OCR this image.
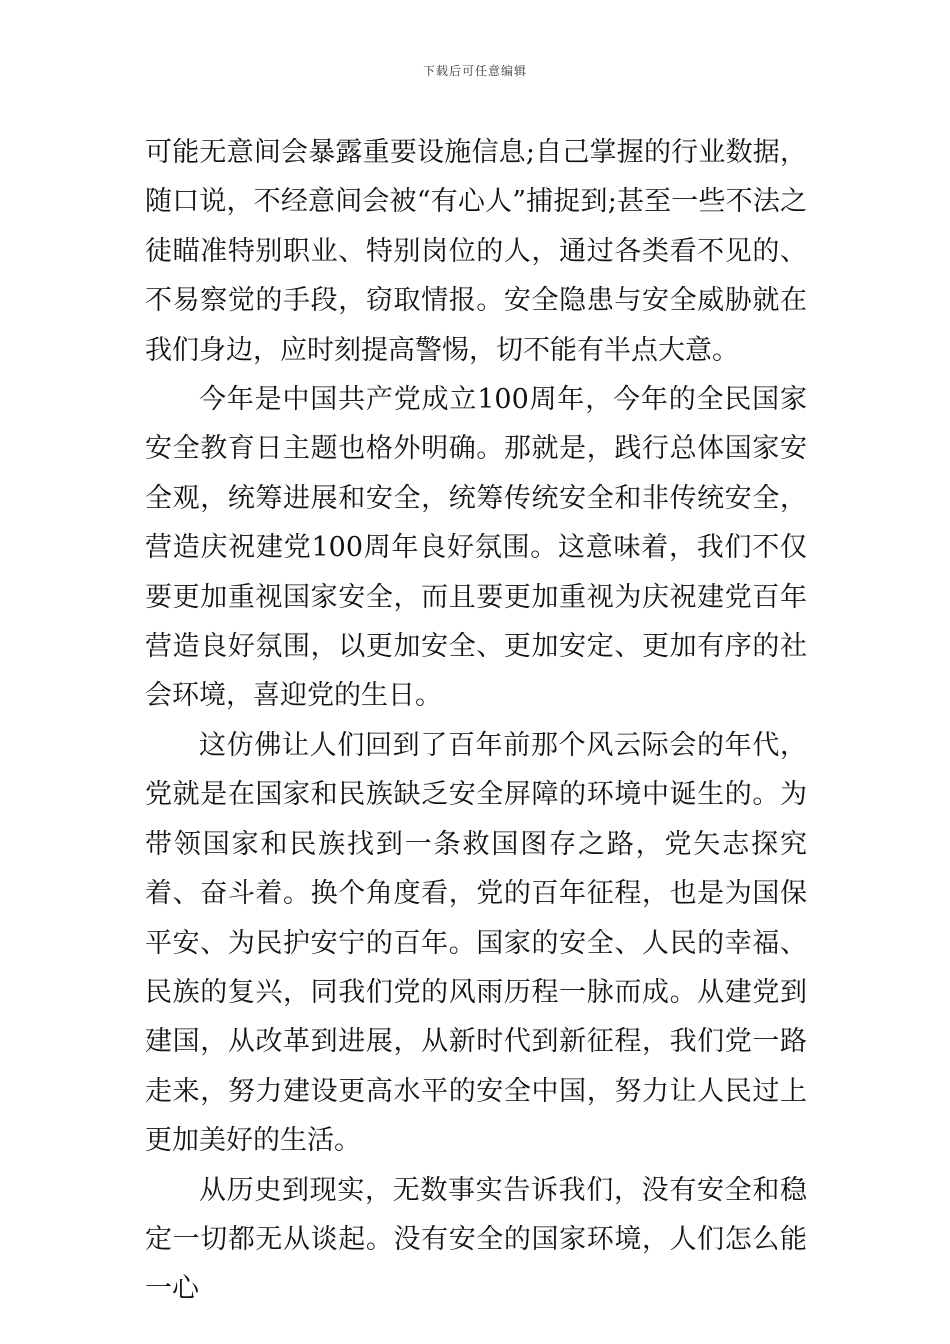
下载后可任意编辑

可能无意间会暴露重要设施信息;自己掌握的行业数据，随口说，不经意间会被“有心人”捕捉到;甚至一些不法之徒瞄准特别职业、特别岗位的人，通过各类看不见的、不易察觉的手段，窃取情报。安全隐患与安全威胁就在我们身边，应时刻提高警惕，切不能有半点大意。

今年是中国共产党成立100周年，今年的全民国家安全教育日主题也格外明确。那就是，践行总体国家安全观，统筹进展和安全，统筹传统安全和非传统安全，营造庆祝建党100周年良好氛围。这意味着，我们不仅要更加重视国家安全，而且要更加重视为庆祝建党百年营造良好氛围，以更加安全、更加安定、更加有序的社会环境，喜迎党的生日。

这仿佛让人们回到了百年前那个风云际会的年代，党就是在国家和民族缺乏安全屏障的环境中诞生的。为带领国家和民族找到一条救国图存之路，党矢志探究着、奋斗着。换个角度看，党的百年征程，也是为国保平安、为民护安宁的百年。国家的安全、人民的幸福、民族的复兴，同我们党的风雨历程一脉而成。从建党到建国，从改革到进展，从新时代到新征程，我们党一路走来，努力建设更高水平的安全中国，努力让人民过上更加美好的生活。

从历史到现实，无数事实告诉我们，没有安全和稳定一切都无从谈起。没有安全的国家环境，人们怎么能一心
